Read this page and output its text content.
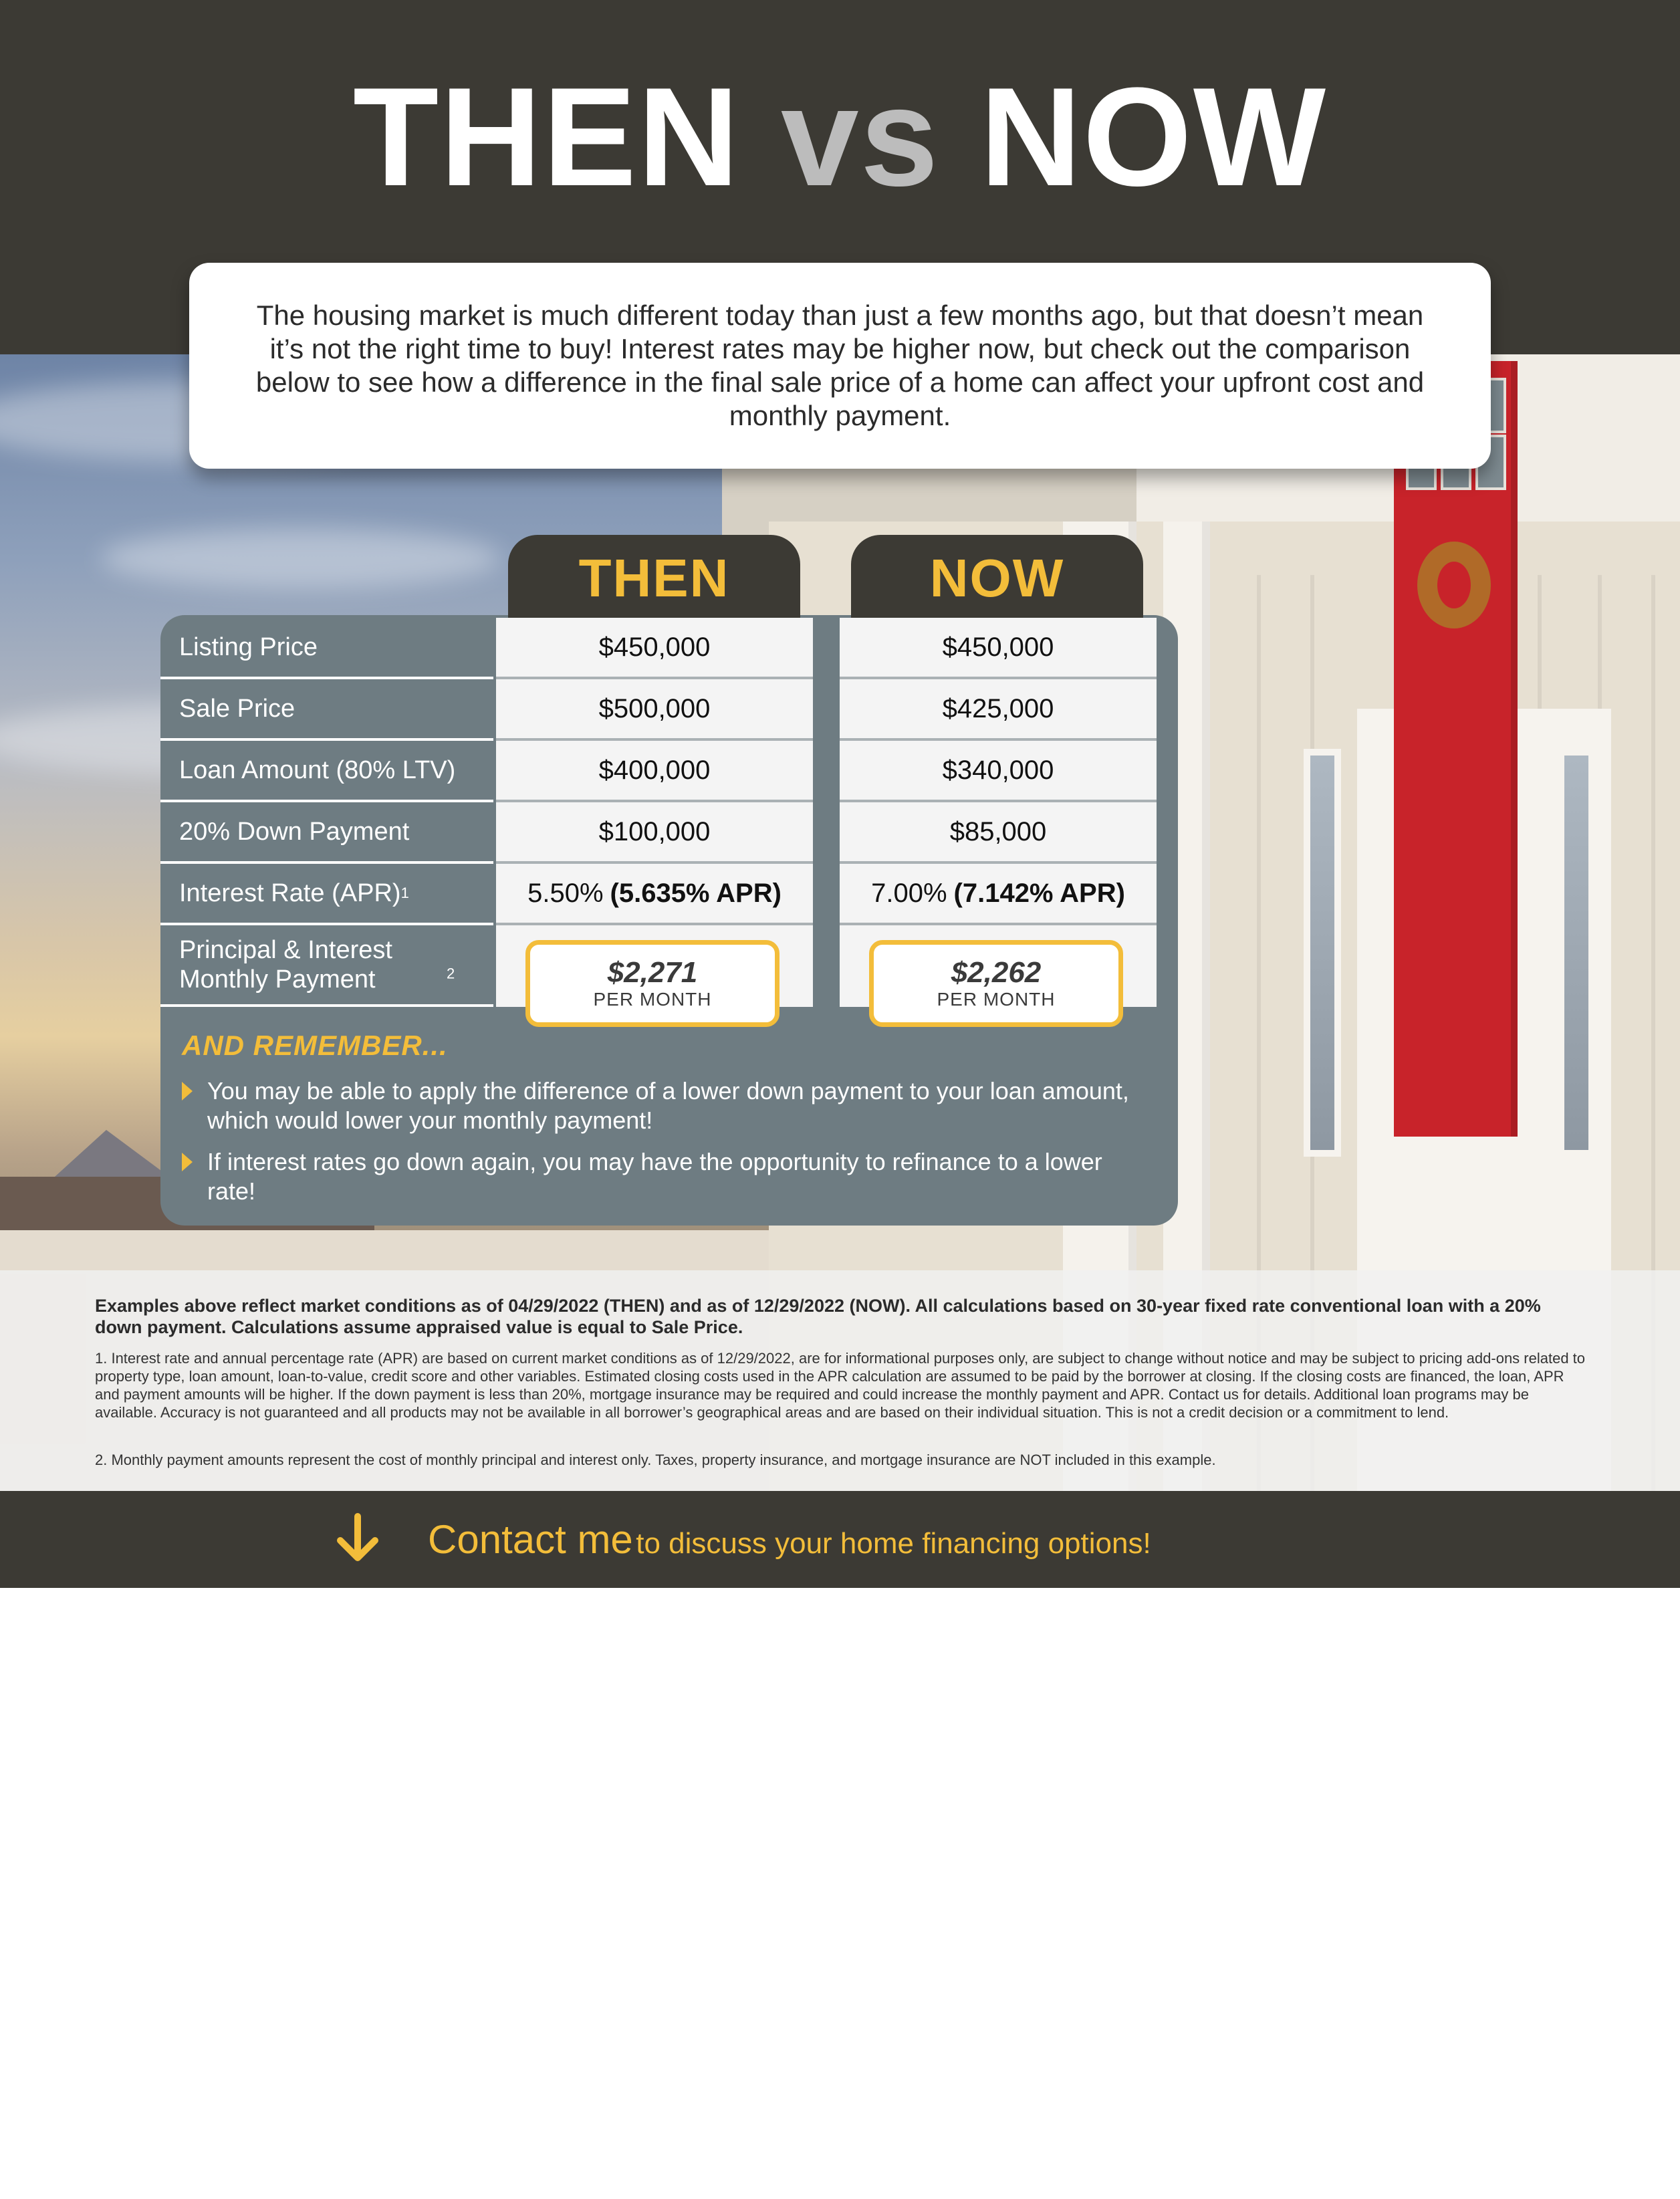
THEN vs NOW
The housing market is much different today than just a few months ago, but that doesn’t mean it’s not the right time to buy! Interest rates may be higher now, but check out the comparison below to see how a difference in the final sale price of a home can affect your upfront cost and monthly payment.
THEN	NOW
Listing Price
Sale Price
Loan Amount (80% LTV)
20% Down Payment
Interest Rate (APR) 1
Principal & Interest Monthly Payment	$^2$
$450,000
$500,000
$400,000
$100,000
5.50% (5.635% APR)
$450,000
$425,000
$340,000
$85,000
7.00% (7.142% APR)
$2,271
PER MONTH
$2,262
PER MONTH
AND REMEMBER...
You may be able to apply the difference of a lower down payment to your loan amount, which would lower your monthly payment!
If interest rates go down again, you may have the opportunity to refinance to a lower rate!
Examples above reflect market conditions as of 04/29/2022 (THEN) and as of 12/29/2022 (NOW). All calculations based on 30-year fixed rate conventional loan with a 20% down payment. Calculations assume appraised value is equal to Sale Price.
1. Interest rate and annual percentage rate (APR) are based on current market conditions as of 12/29/2022, are for informational purposes only, are subject to change without notice and may be subject to pricing add-ons related to property type, loan amount, loan-to-value, credit score and other variables. Estimated closing costs used in the APR calculation are assumed to be paid by the borrower at closing. If the closing costs are financed, the loan, APR and payment amounts will be higher. If the down payment is less than 20%, mortgage insurance may be required and could increase the monthly payment and APR. Contact us for details. Additional loan programs may be available. Accuracy is not guaranteed and all products may not be available in all borrower’s geographical areas and are based on their individual situation. This is not a credit decision or a commitment to lend.
2. Monthly payment amounts represent the cost of monthly principal and interest only. Taxes, property insurance, and mortgage insurance are NOT included in this example.
Contact me to discuss your home financing options!
